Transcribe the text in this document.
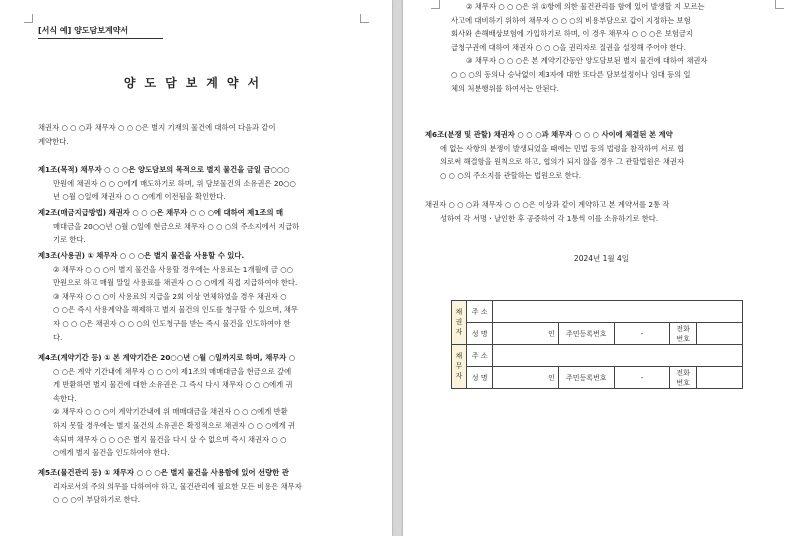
[서식 예] 양도담보계약서
양도담보계약서
채권자 ○ ○ ○과 채무자 ○ ○ ○은 별지 기재의 물건에 대하여 다음과 같이
계약한다.
제1조(목적) 채무자 ○ ○ ○은 양도담보의 목적으로 별지 물건을 금일 금○○○
만원에 채권자 ○ ○ ○에게 매도하기로 하며, 위 담보물건의 소유권은 20○○
년 ○월 ○일에 채권자 ○ ○ ○에게 이전됨을 확인한다.
제2조(매금지급방법) 채권자 ○ ○ ○은 채무자 ○ ○ ○에 대하여 제1조의 매
매대금을 20○○년 ○월 ○일에 현금으로 채무자 ○ ○ ○의 주소지에서 지급하
기로 한다.
제3조(사용권) ① 채무자 ○ ○ ○은 별지 물건을 사용할 수 있다.
② 채무자 ○ ○ ○이 별지 물건을 사용할 경우에는 사용료는 1개월에 금 ○○
만원으로 하고 매월 말일 사용료를 채권자 ○ ○ ○에게 직접 지급하여야 한다.
③ 채무자 ○ ○ ○이 사용료의 지급을 2회 이상 연체하였을 경우 채권자 ○
○ ○은 즉시 사용계약을 해제하고 별지 물건의 인도를 청구할 수 있으며, 채무
자 ○ ○ ○은 채권자 ○ ○ ○의 인도청구를 받는 즉시 물건을 인도하여야 한
다.
제4조(계약기간 등) ① 본 계약기간은 20○○년 ○월 ○일까지로 하며, 채무자 ○
○ ○은 계약 기간내에 채무자 ○ ○ ○이 제1조의 매매대금을 현금으로 갚에
게 반환하면 별지 물건에 대한 소유권은 그 즉시 다시 채무자 ○ ○ ○에게 귀
속한다.
② 채무자 ○ ○ ○이 계약기간내에 위 매매대금을 채권자 ○ ○ ○에게 반환
하지 못할 경우에는 별지 물건의 소유권은 확정적으로 채권자 ○ ○ ○에게 귀
속되며 채무자 ○ ○ ○은 별지 물건을 다시 살 수 없으며 즉시 채권자 ○ ○
○에게 별지 물건을 인도하여야 한다.
제5조(물건관리 등) ① 채무자 ○ ○ ○은 별지 물건을 사용함에 있어 선량한 관
리자로서의 주의 의무를 다하여야 하고, 물건관리에 필요한 모든 비용은 채무자
○ ○ ○이 부담하기로 한다.
② 채무자 ○ ○ ○은 위 ①항에 의한 물건관리를 함에 있어 발생할 지 모르는
사고에 대비하기 위하여 채무자 ○ ○ ○의 비용부담으로 갑이 지정하는 보험
회사와 손해배상보험에 가입하기로 하며, 이 경우 채무자 ○ ○ ○은 보험금지
급청구권에 대하여 채권자 ○ ○ ○을 권리자로 질권을 설정해 주어야 한다.
③ 채무자 ○ ○ ○은 본 계약기간동안 양도담보된 별지 물건에 대하여 채권자
○ ○ ○의 동의나 승낙없이 제3자에 대한 또다른 담보설정이나 임대 등의 일
체의 처분행위를 하여서는 안된다.
제6조(분쟁 및 관할) 채권자 ○ ○ ○과 채무자 ○ ○ ○ 사이에 체결된 본 계약
에 없는 사항의 분쟁이 발생되었을 때에는 민법 등의 법령을 참작하여 서로 협
의로써 해결함을 원칙으로 하고, 협의가 되지 않을 경우 그 관할법원은 채권자
○ ○ ○의 주소지를 관할하는 법원으로 한다.
채권자 ○ ○ ○과 채무자 ○ ○ ○은 이상과 같이 계약하고 본 계약서를 2통 작
성하여 각 서명ㆍ날인한 후 공증하여 각 1통씩 이를 소유하기로 한다.
2024년 1월 4일
채권자	주 소					
	성 명	인	주민등록번호	-	전화번호	
채무자	주 소					
	성 명	인	주민등록번호	-	전화번호	
